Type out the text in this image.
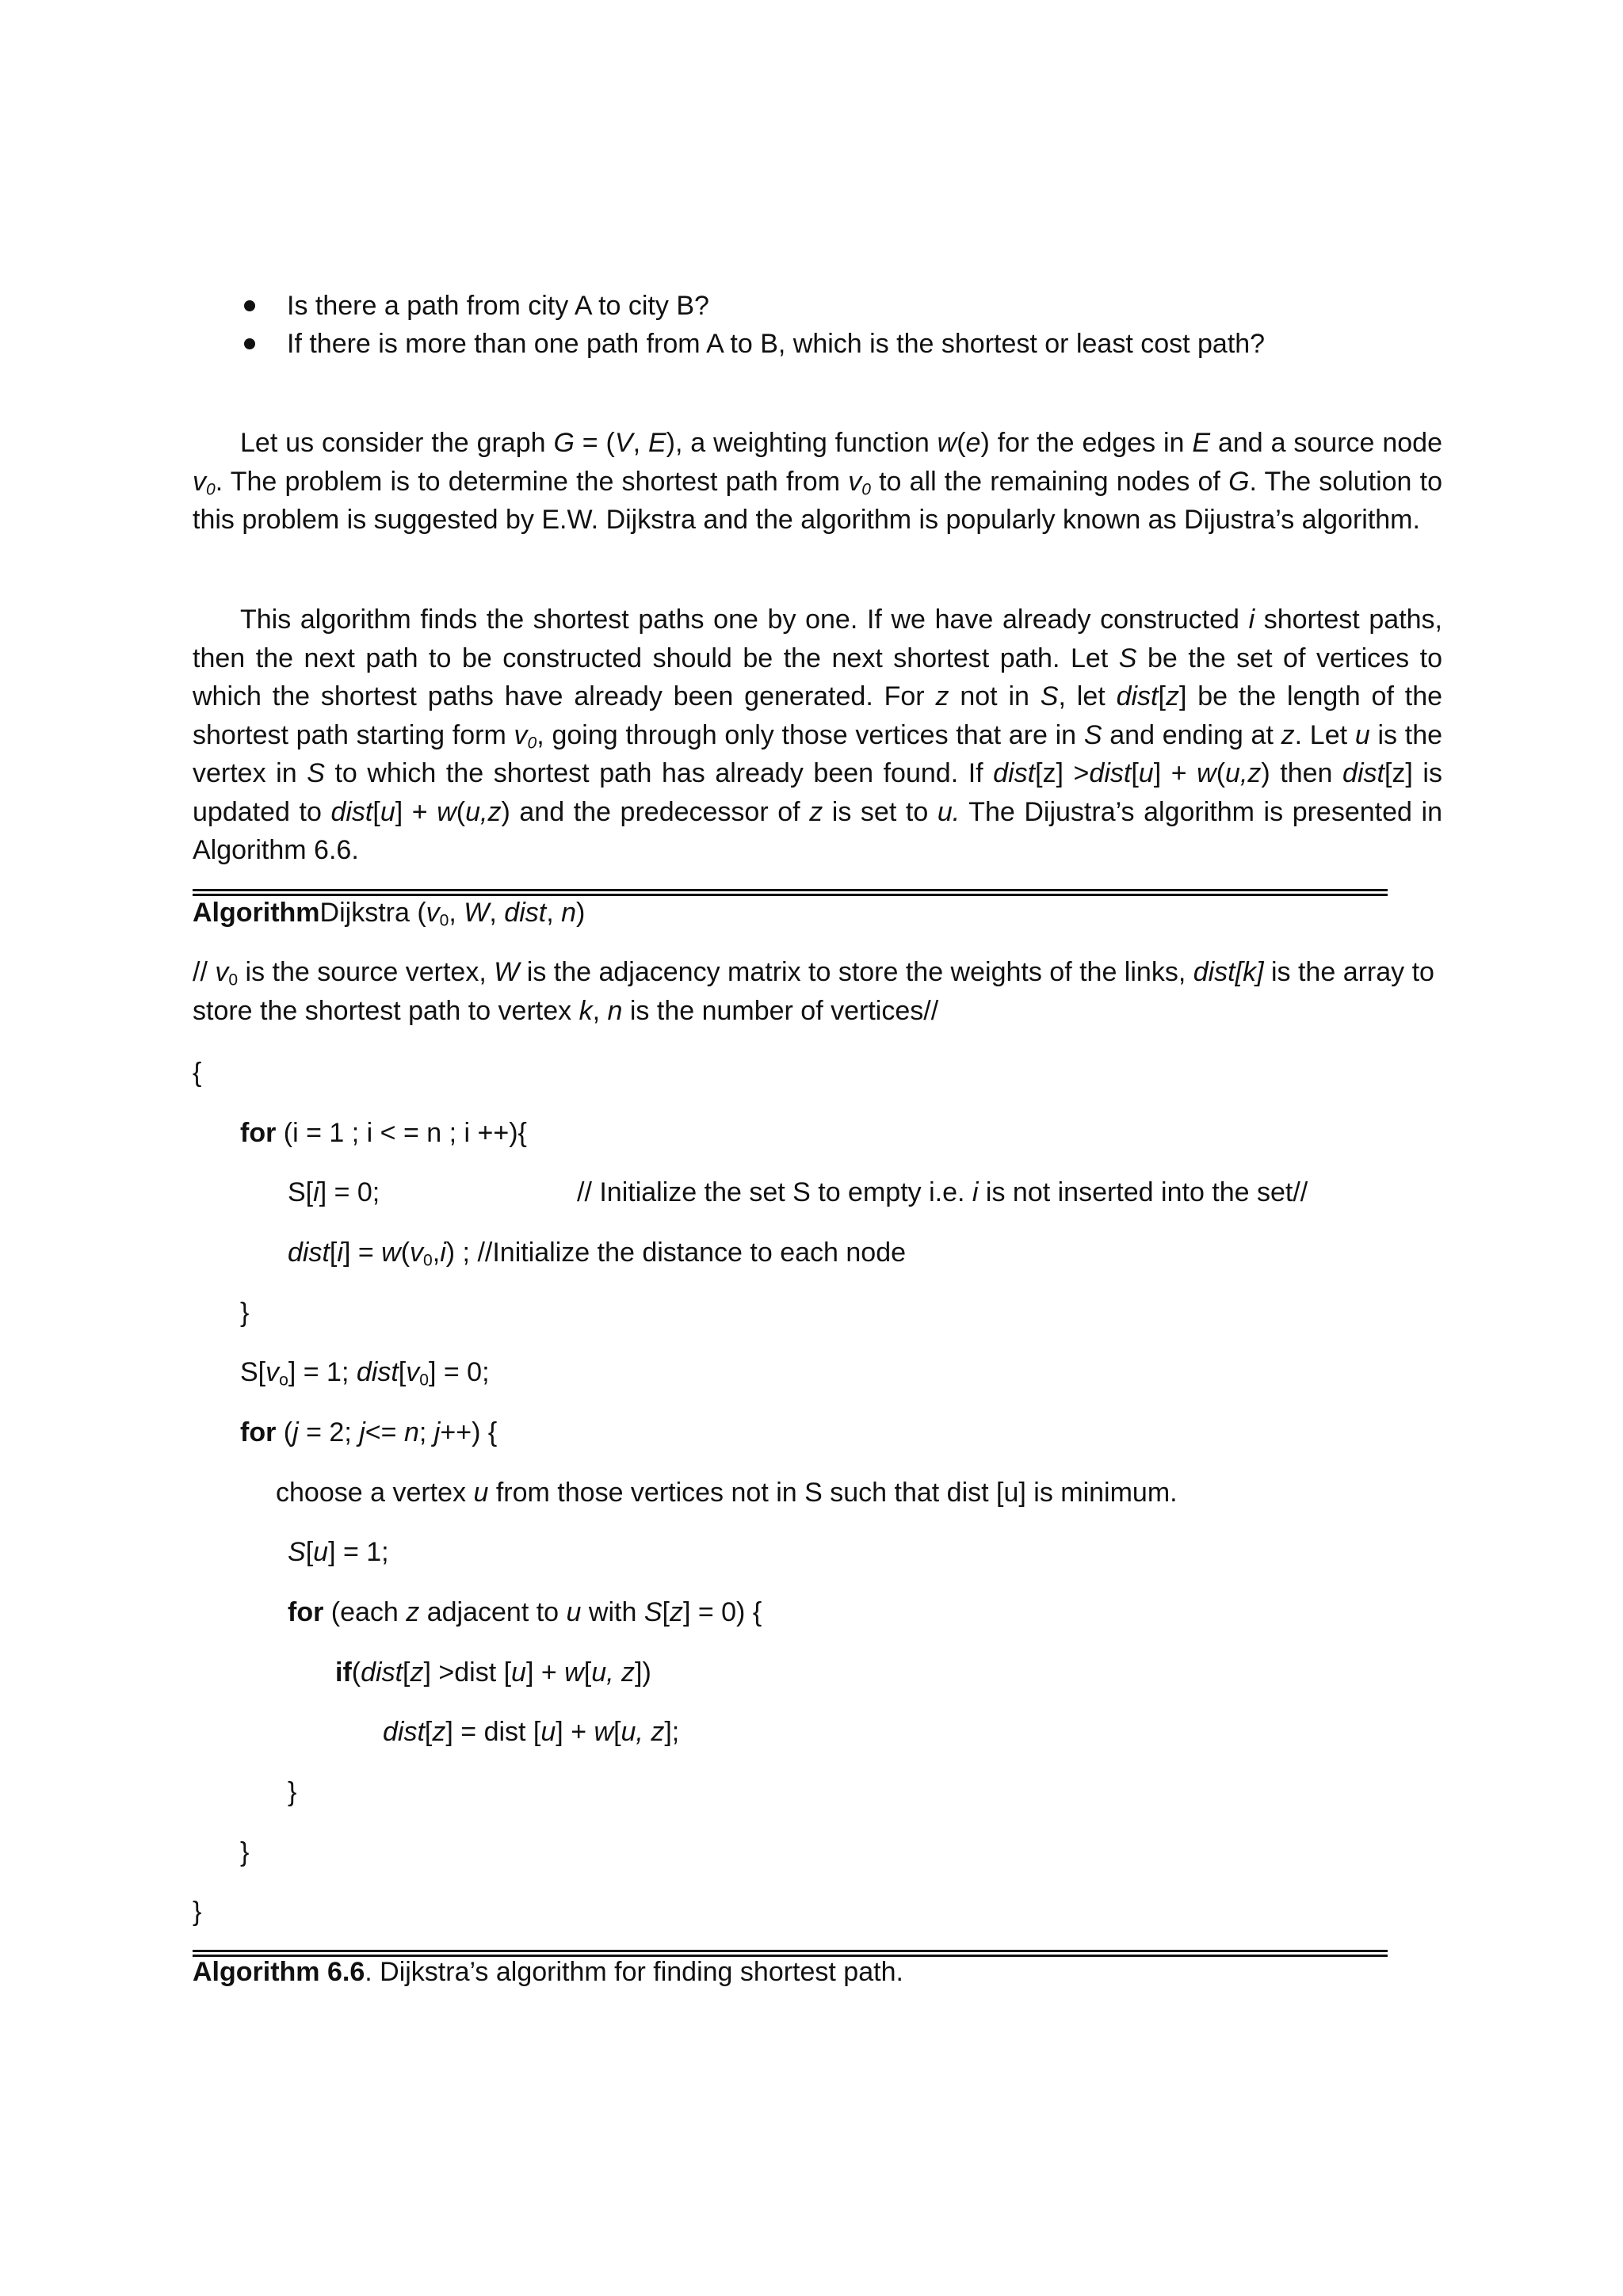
Is there a path from city A to city B?
If there is more than one path from A to B, which is the shortest or least cost path?
Let us consider the graph G = (V, E), a weighting function w(e) for the edges in E and a source node $v_0$. The problem is to determine the shortest path from $v_0$ to all the remaining nodes of G. The solution to this problem is suggested by E.W. Dijkstra and the algorithm is popularly known as Dijustra’s algorithm.
This algorithm finds the shortest paths one by one. If we have already constructed i shortest paths, then the next path to be constructed should be the next shortest path. Let S be the set of vertices to which the shortest paths have already been generated. For z not in S, let dist[z] be the length of the shortest path starting form $v_0$, going through only those vertices that are in S and ending at z. Let u is the vertex in S to which the shortest path has already been found. If dist[z] >dist[u] + w(u,z) then dist[z] is updated to dist[u] + w(u,z) and the predecessor of z is set to u. The Dijustra’s algorithm is presented in Algorithm 6.6.
AlgorithmDijkstra ($v_0$, W, dist, n)
// $v_0$ is the source vertex, W is the adjacency matrix to store the weights of the links, dist[k] is the array to store the shortest path to vertex k, n is the number of vertices//
{
for (i = 1 ; i < = n ; i ++){
S[i] = 0;	// Initialize the set S to empty i.e. i is not inserted into the set//
dist[i] = $w(v_0,i)$ ; //Initialize the distance to each node
}
$S[v_o] = 1$; $dist[v_0] = 0$;
for (j = 2; j<= n; j++) {
choose a vertex u from those vertices not in S such that dist [u] is minimum.
S[u] = 1;
for (each z adjacent to u with S[z] = 0) {
if(dist[z] >dist [u] + w[u, z])
dist[z] = dist [u] + w[u, z];
}
}
}
Algorithm 6.6. Dijkstra’s algorithm for finding shortest path.
